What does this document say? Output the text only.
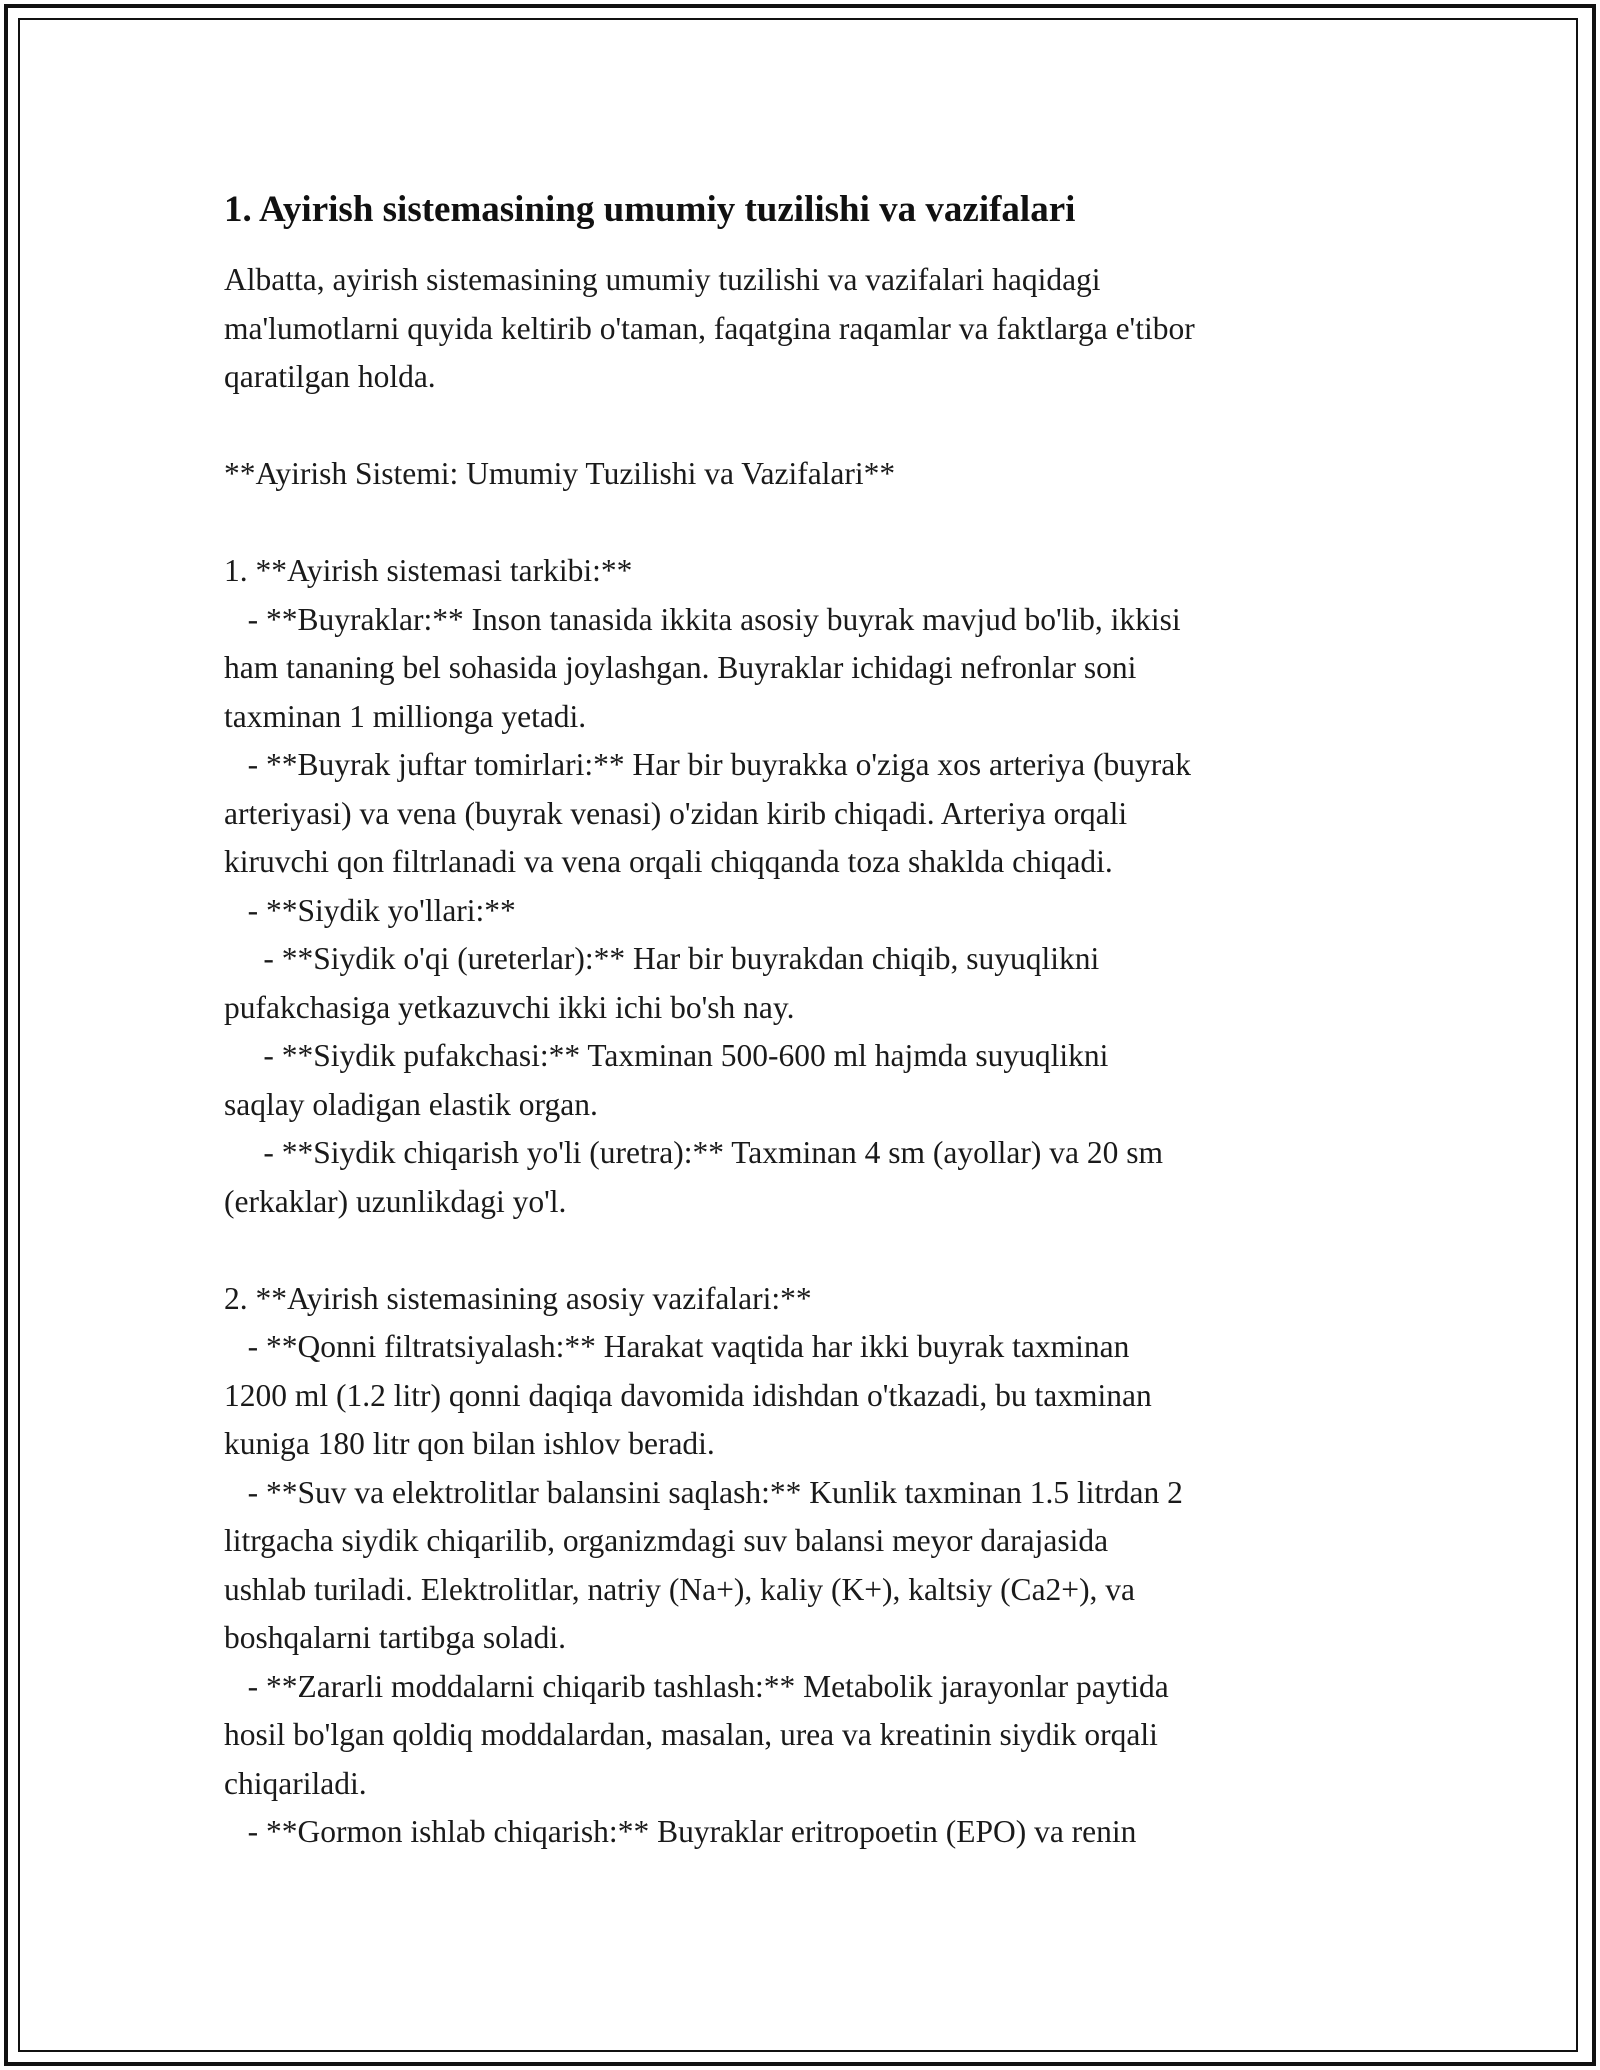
1. Ayirish sistemasining umumiy tuzilishi va vazifalari
Albatta, ayirish sistemasining umumiy tuzilishi va vazifalari haqidagi
ma'lumotlarni quyida keltirib o'taman, faqatgina raqamlar va faktlarga e'tibor
qaratilgan holda.
**Ayirish Sistemi: Umumiy Tuzilishi va Vazifalari**
1. **Ayirish sistemasi tarkibi:**
- **Buyraklar:** Inson tanasida ikkita asosiy buyrak mavjud bo'lib, ikkisi
ham tananing bel sohasida joylashgan. Buyraklar ichidagi nefronlar soni
taxminan 1 millionga yetadi.
- **Buyrak juftar tomirlari:** Har bir buyrakka o'ziga xos arteriya (buyrak
arteriyasi) va vena (buyrak venasi) o'zidan kirib chiqadi. Arteriya orqali
kiruvchi qon filtrlanadi va vena orqali chiqqanda toza shaklda chiqadi.
- **Siydik yo'llari:**
- **Siydik o'qi (ureterlar):** Har bir buyrakdan chiqib, suyuqlikni
pufakchasiga yetkazuvchi ikki ichi bo'sh nay.
- **Siydik pufakchasi:** Taxminan 500-600 ml hajmda suyuqlikni
saqlay oladigan elastik organ.
- **Siydik chiqarish yo'li (uretra):** Taxminan 4 sm (ayollar) va 20 sm
(erkaklar) uzunlikdagi yo'l.
2. **Ayirish sistemasining asosiy vazifalari:**
- **Qonni filtratsiyalash:** Harakat vaqtida har ikki buyrak taxminan
1200 ml (1.2 litr) qonni daqiqa davomida idishdan o'tkazadi, bu taxminan
kuniga 180 litr qon bilan ishlov beradi.
- **Suv va elektrolitlar balansini saqlash:** Kunlik taxminan 1.5 litrdan 2
litrgacha siydik chiqarilib, organizmdagi suv balansi meyor darajasida
ushlab turiladi. Elektrolitlar, natriy (Na+), kaliy (K+), kaltsiy (Ca2+), va
boshqalarni tartibga soladi.
- **Zararli moddalarni chiqarib tashlash:** Metabolik jarayonlar paytida
hosil bo'lgan qoldiq moddalardan, masalan, urea va kreatinin siydik orqali
chiqariladi.
- **Gormon ishlab chiqarish:** Buyraklar eritropoetin (EPO) va renin
